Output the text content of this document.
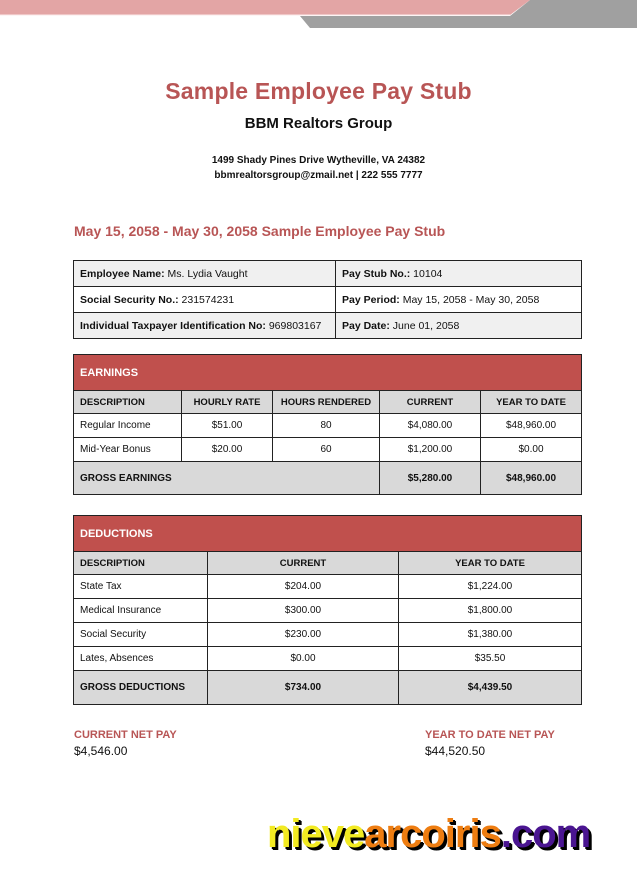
Sample Employee Pay Stub
BBM Realtors Group
1499 Shady Pines Drive Wytheville, VA 24382
bbmrealtorsgroup@zmail.net | 222 555 7777
May 15, 2058 - May 30, 2058 Sample Employee Pay Stub
Employee Name: Ms. Lydia Vaught	Pay Stub No.: 10104
Social Security No.: 231574231	Pay Period: May 15, 2058 - May 30, 2058
Individual Taxpayer Identification No: 969803167	Pay Date: June 01, 2058
EARNINGS				
DESCRIPTION	HOURLY RATE	HOURS RENDERED	CURRENT	YEAR TO DATE
Regular Income	$51.00	80	$4,080.00	$48,960.00
Mid-Year Bonus	$20.00	60	$1,200.00	$0.00
GROSS EARNINGS			$5,280.00	$48,960.00
DEDUCTIONS		
DESCRIPTION	CURRENT	YEAR TO DATE
State Tax	$204.00	$1,224.00
Medical Insurance	$300.00	$1,800.00
Social Security	$230.00	$1,380.00
Lates, Absences	$0.00	$35.50
GROSS DEDUCTIONS	$734.00	$4,439.50
CURRENT NET PAY
$4,546.00
YEAR TO DATE NET PAY
$44,520.50
nievearcoiris.com
